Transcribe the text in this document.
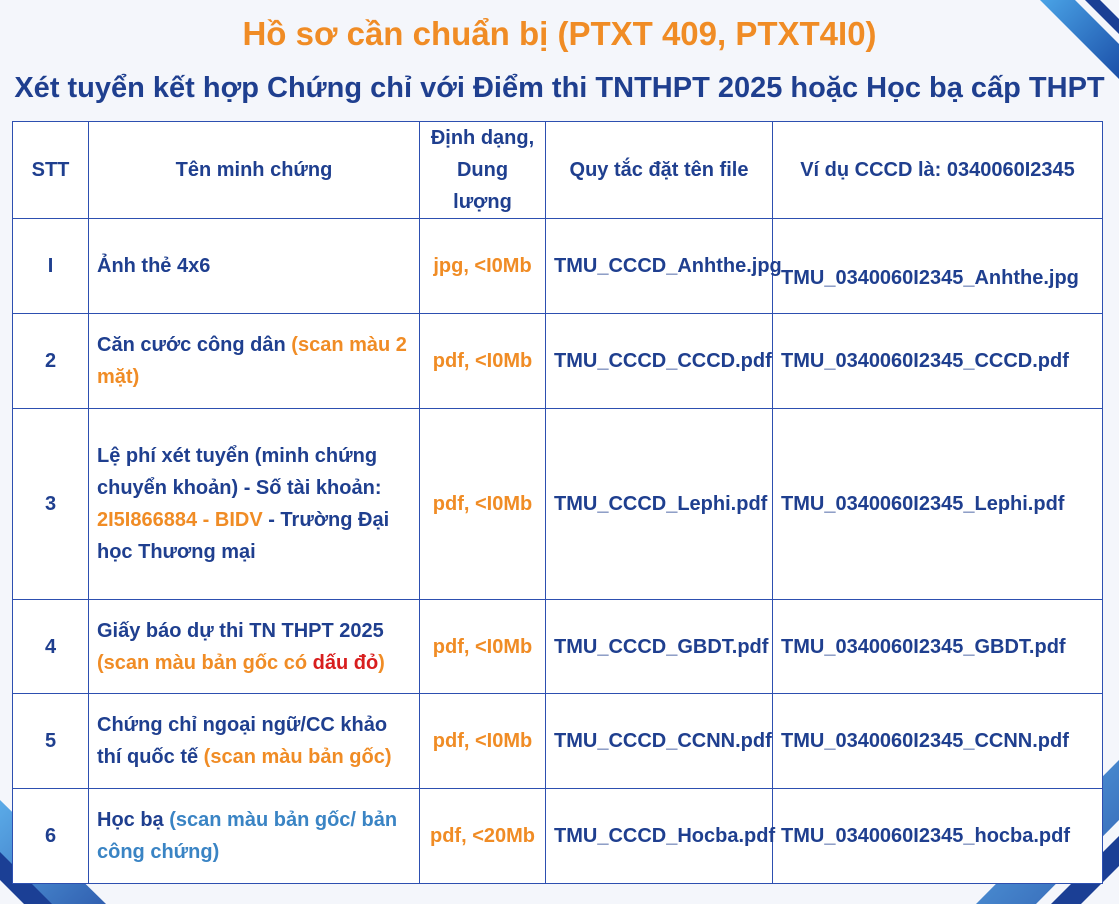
Hồ sơ cần chuẩn bị (PTXT 409, PTXT4I0)
Xét tuyển kết hợp Chứng chỉ với Điểm thi TNTHPT 2025 hoặc Học bạ cấp THPT
STT	Tên minh chứng	Định dạng, Dung lượng	Quy tắc đặt tên file	Ví dụ CCCD là: 0340060I2345
I	Ảnh thẻ 4x6	jpg, <I0Mb	TMU_CCCD_Anhthe.jpg	TMU_0340060I2345_Anhthe.jpg
2	Căn cước công dân (scan màu 2 mặt)	pdf, <I0Mb	TMU_CCCD_CCCD.pdf	TMU_0340060I2345_CCCD.pdf
3	Lệ phí xét tuyển (minh chứng chuyển khoản) - Số tài khoản: 2I5I866884 - BIDV - Trường Đại học Thương mại	pdf, <I0Mb	TMU_CCCD_Lephi.pdf	TMU_0340060I2345_Lephi.pdf
4	Giấy báo dự thi TN THPT 2025 (scan màu bản gốc có dấu đỏ)	pdf, <I0Mb	TMU_CCCD_GBDT.pdf	TMU_0340060I2345_GBDT.pdf
5	Chứng chỉ ngoại ngữ/CC khảo thí quốc tế (scan màu bản gốc)	pdf, <I0Mb	TMU_CCCD_CCNN.pdf	TMU_0340060I2345_CCNN.pdf
6	Học bạ (scan màu bản gốc/ bản công chứng)	pdf, <20Mb	TMU_CCCD_Hocba.pdf	TMU_0340060I2345_hocba.pdf
